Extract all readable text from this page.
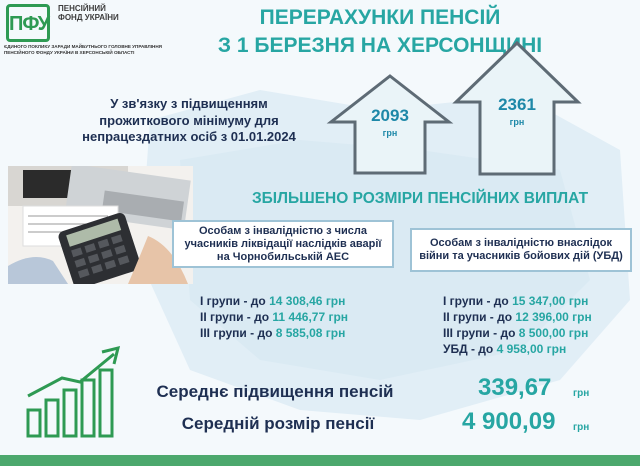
ПФУ
ПЕНСІЙНИЙ ФОНД УКРАЇНИ
ЄДИНОГО ПОКЛИКУ ЗАРАДИ МАЙБУТНЬОГО ГОЛОВНЕ УПРАВЛІННЯ ПЕНСІЙНОГО ФОНДУ УКРАЇНИ В ХЕРСОНСЬКІЙ ОБЛАСТІ
ПЕРЕРАХУНКИ ПЕНСІЙ
З 1 БЕРЕЗНЯ НА ХЕРСОНЩИНІ
У зв'язку з підвищенням прожиткового мінімуму для непрацездатних осіб з 01.01.2024
2093
грн
2361
грн
ЗБІЛЬШЕНО РОЗМІРИ ПЕНСІЙНИХ ВИПЛАТ
Особам з інвалідністю з числа учасників ліквідації наслідків аварії на Чорнобильській АЕС
І групи - до 14 308,46 грн
ІІ групи - до 11 446,77 грн
ІІІ групи - до 8 585,08 грн
Особам з інвалідністю внаслідок війни та учасників бойових дій (УБД)
І групи - до 15 347,00 грн
ІІ групи - до 12 396,00 грн
ІІІ групи - до 8 500,00 грн
УБД - до 4 958,00 грн
Середнє підвищення пенсій	339,67 грн
Середній розмір пенсії	4 900,09 грн
